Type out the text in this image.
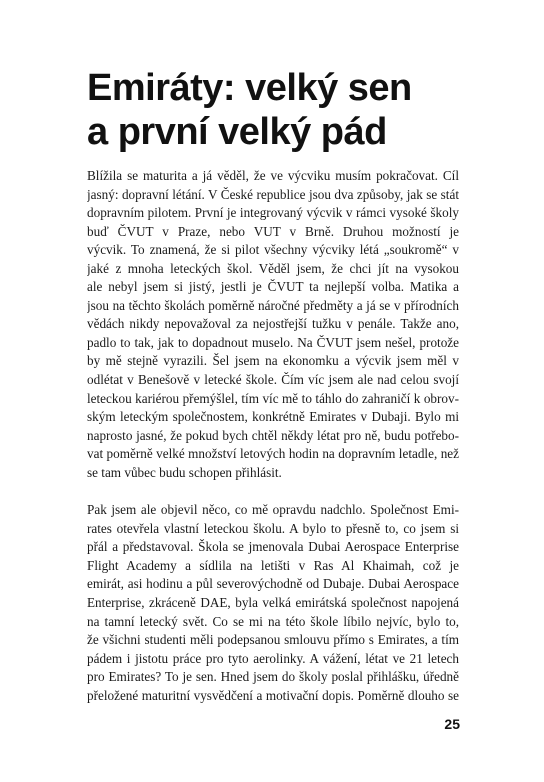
Emiráty: velký sen
a první velký pád

Blížila se maturita a já věděl, že ve výcviku musím pokračovat. Cíl
jasný: dopravní létání. V České republice jsou dva způsoby, jak se stát
dopravním pilotem. První je integrovaný výcvik v rámci vysoké školy
buď ČVUT v Praze, nebo VUT v Brně. Druhou možností je
výcvik. To znamená, že si pilot všechny výcviky létá „soukromě“ v
jaké z mnoha leteckých škol. Věděl jsem, že chci jít na vysokou
ale nebyl jsem si jistý, jestli je ČVUT ta nejlepší volba. Matika a
jsou na těchto školách poměrně náročné předměty a já se v přírodních
vědách nikdy nepovažoval za nejostřejší tužku v penále. Takže ano,
padlo to tak, jak to dopadnout muselo. Na ČVUT jsem nešel, protože
by mě stejně vyrazili. Šel jsem na ekonomku a výcvik jsem měl v
odlétat v Benešově v letecké škole. Čím víc jsem ale nad celou svojí
leteckou kariérou přemýšlel, tím víc mě to táhlo do zahraničí k obrov-
ským leteckým společnostem, konkrétně Emirates v Dubaji. Bylo mi
naprosto jasné, že pokud bych chtěl někdy létat pro ně, budu potřebo-
vat poměrně velké množství letových hodin na dopravním letadle, než
se tam vůbec budu schopen přihlásit.

Pak jsem ale objevil něco, co mě opravdu nadchlo. Společnost Emi-
rates otevřela vlastní leteckou školu. A bylo to přesně to, co jsem si
přál a představoval. Škola se jmenovala Dubai Aerospace Enterprise
Flight Academy a sídlila na letišti v Ras Al Khaimah, což je
emirát, asi hodinu a půl severovýchodně od Dubaje. Dubai Aerospace
Enterprise, zkráceně DAE, byla velká emirátská společnost napojená
na tamní letecký svět. Co se mi na této škole líbilo nejvíc, bylo to,
že všichni studenti měli podepsanou smlouvu přímo s Emirates, a tím
pádem i jistotu práce pro tyto aerolinky. A vážení, létat ve 21 letech
pro Emirates? To je sen. Hned jsem do školy poslal přihlášku, úředně
přeložené maturitní vysvědčení a motivační dopis. Poměrně dlouho se

25
